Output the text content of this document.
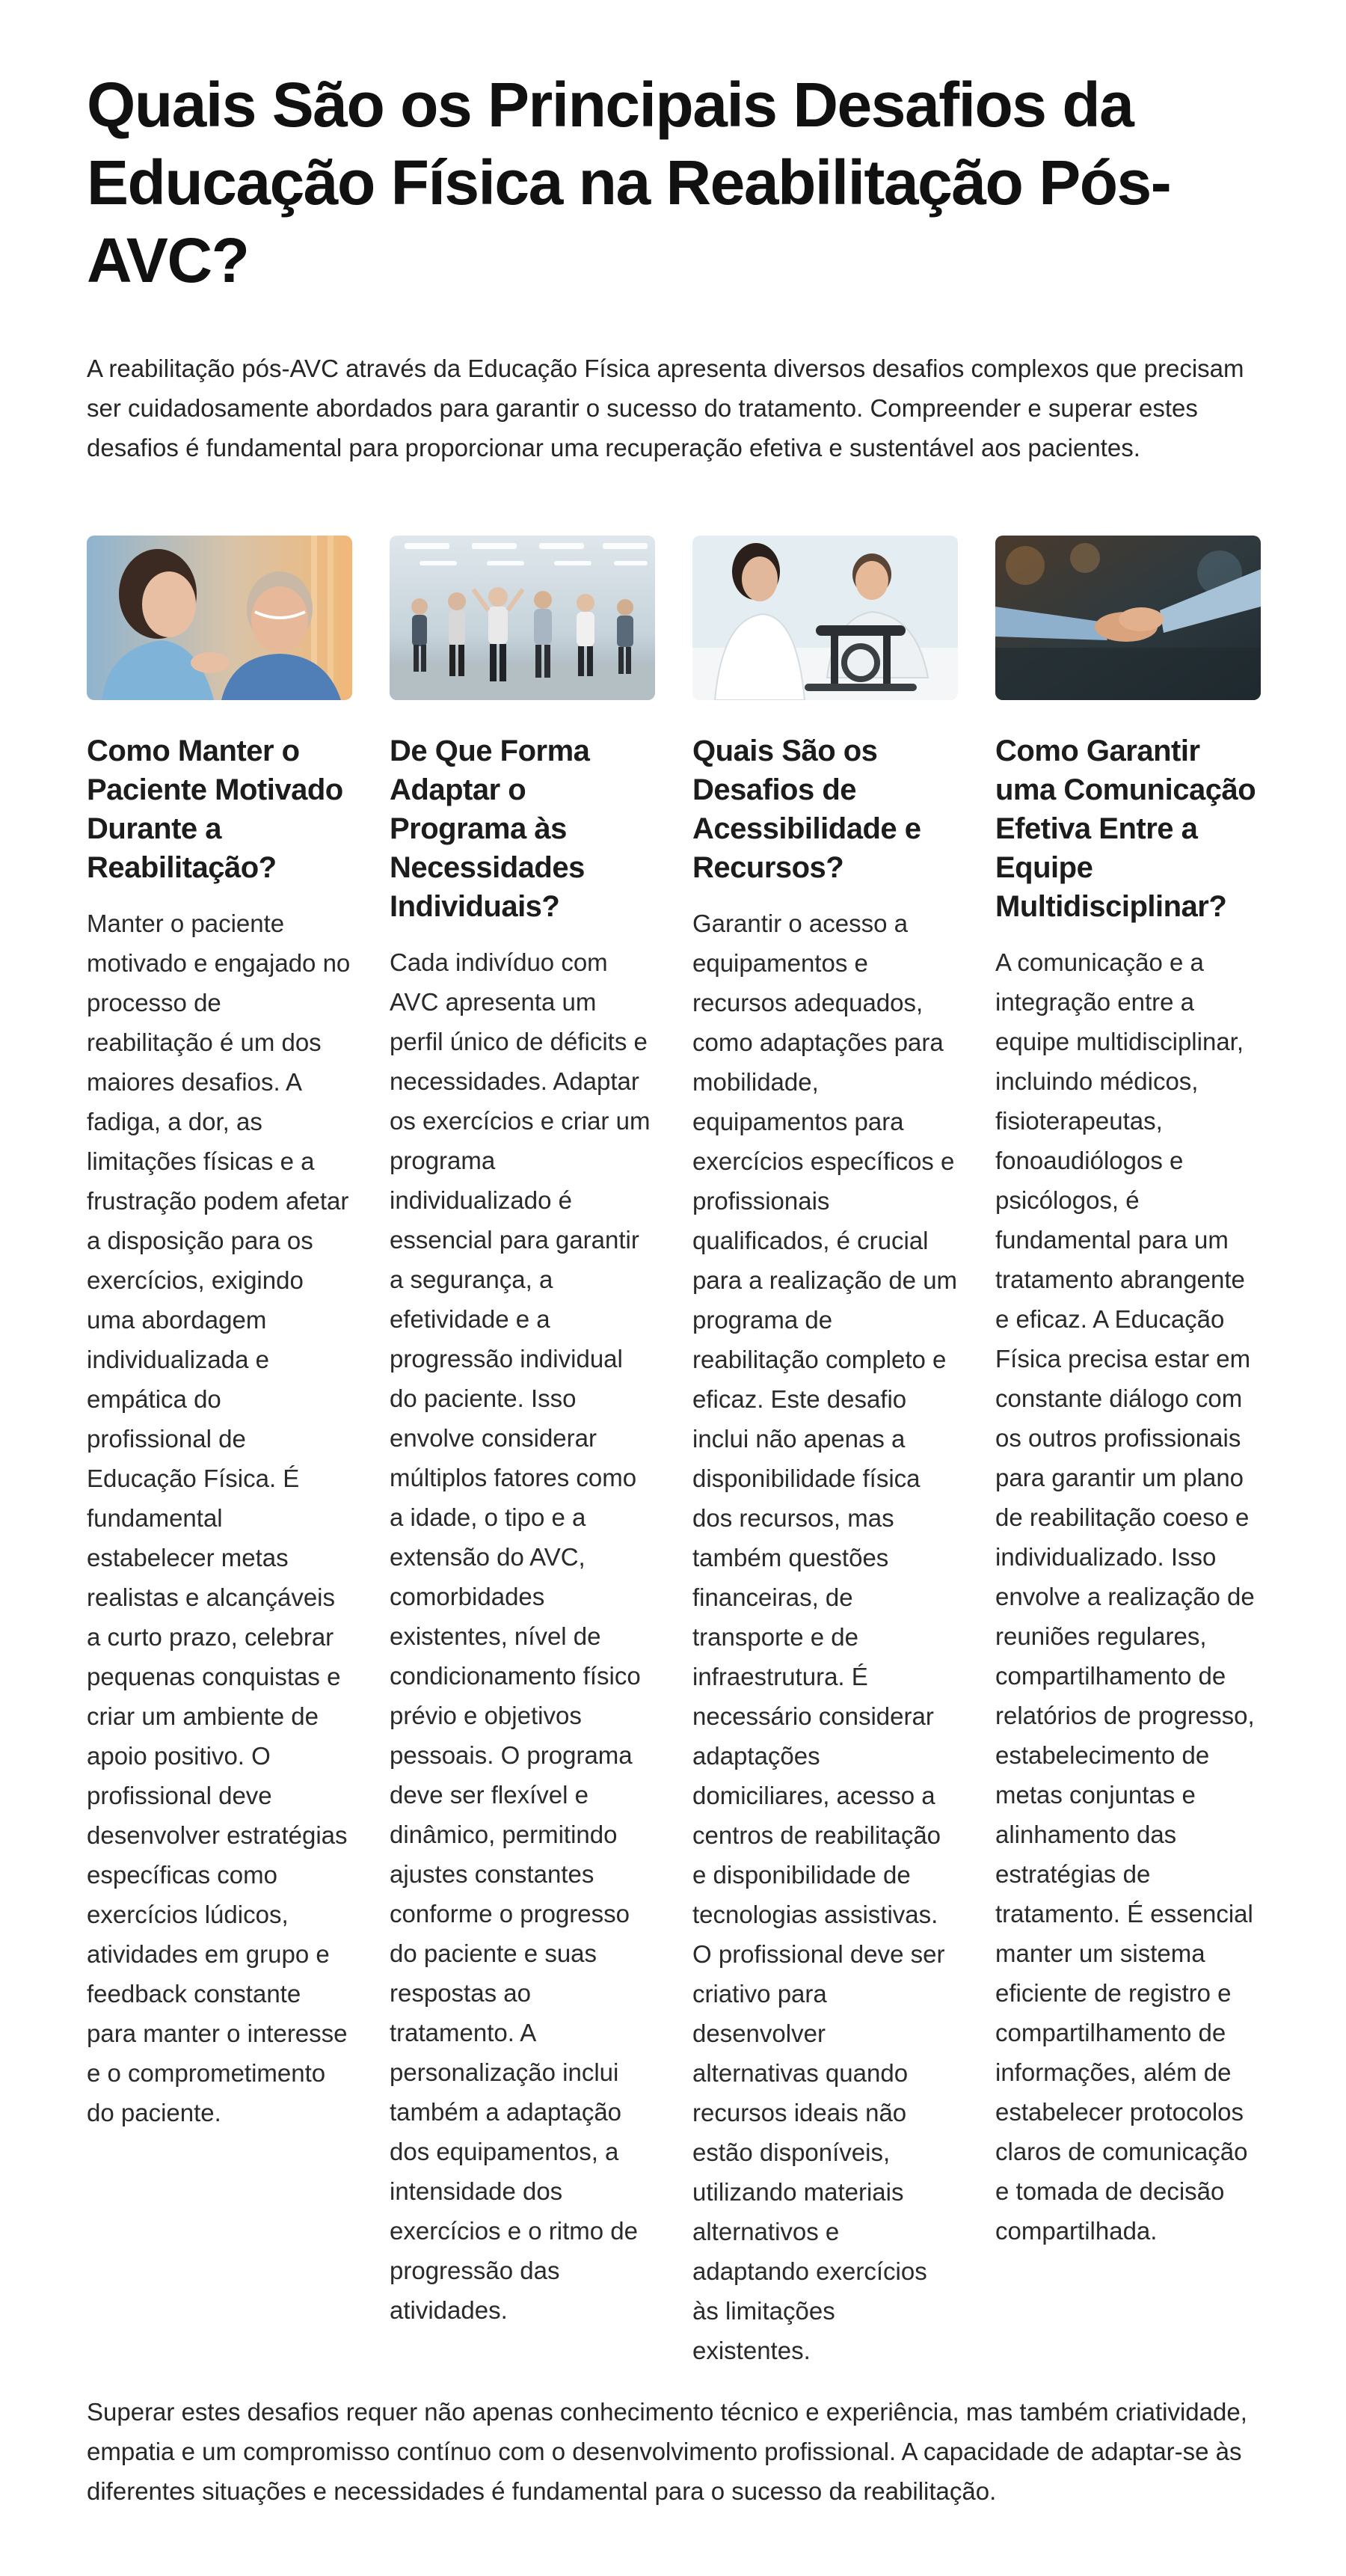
Quais São os Principais Desafios da Educação Física na Reabilitação Pós-AVC?

A reabilitação pós-AVC através da Educação Física apresenta diversos desafios complexos que precisam ser cuidadosamente abordados para garantir o sucesso do tratamento. Compreender e superar estes desafios é fundamental para proporcionar uma recuperação efetiva e sustentável aos pacientes.

Como Manter o Paciente Motivado Durante a Reabilitação?

Manter o paciente motivado e engajado no processo de reabilitação é um dos maiores desafios. A fadiga, a dor, as limitações físicas e a frustração podem afetar a disposição para os exercícios, exigindo uma abordagem individualizada e empática do profissional de Educação Física. É fundamental estabelecer metas realistas e alcançáveis a curto prazo, celebrar pequenas conquistas e criar um ambiente de apoio positivo. O profissional deve desenvolver estratégias específicas como exercícios lúdicos, atividades em grupo e feedback constante para manter o interesse e o comprometimento do paciente.

De Que Forma Adaptar o Programa às Necessidades Individuais?

Cada indivíduo com AVC apresenta um perfil único de déficits e necessidades. Adaptar os exercícios e criar um programa individualizado é essencial para garantir a segurança, a efetividade e a progressão individual do paciente. Isso envolve considerar múltiplos fatores como a idade, o tipo e a extensão do AVC, comorbidades existentes, nível de condicionamento físico prévio e objetivos pessoais. O programa deve ser flexível e dinâmico, permitindo ajustes constantes conforme o progresso do paciente e suas respostas ao tratamento. A personalização inclui também a adaptação dos equipamentos, a intensidade dos exercícios e o ritmo de progressão das atividades.

Quais São os Desafios de Acessibilidade e Recursos?

Garantir o acesso a equipamentos e recursos adequados, como adaptações para mobilidade, equipamentos para exercícios específicos e profissionais qualificados, é crucial para a realização de um programa de reabilitação completo e eficaz. Este desafio inclui não apenas a disponibilidade física dos recursos, mas também questões financeiras, de transporte e de infraestrutura. É necessário considerar adaptações domiciliares, acesso a centros de reabilitação e disponibilidade de tecnologias assistivas. O profissional deve ser criativo para desenvolver alternativas quando recursos ideais não estão disponíveis, utilizando materiais alternativos e adaptando exercícios às limitações existentes.

Como Garantir uma Comunicação Efetiva Entre a Equipe Multidisciplinar?

A comunicação e a integração entre a equipe multidisciplinar, incluindo médicos, fisioterapeutas, fonoaudiólogos e psicólogos, é fundamental para um tratamento abrangente e eficaz. A Educação Física precisa estar em constante diálogo com os outros profissionais para garantir um plano de reabilitação coeso e individualizado. Isso envolve a realização de reuniões regulares, compartilhamento de relatórios de progresso, estabelecimento de metas conjuntas e alinhamento das estratégias de tratamento. É essencial manter um sistema eficiente de registro e compartilhamento de informações, além de estabelecer protocolos claros de comunicação e tomada de decisão compartilhada.

Superar estes desafios requer não apenas conhecimento técnico e experiência, mas também criatividade, empatia e um compromisso contínuo com o desenvolvimento profissional. A capacidade de adaptar-se às diferentes situações e necessidades é fundamental para o sucesso da reabilitação.
